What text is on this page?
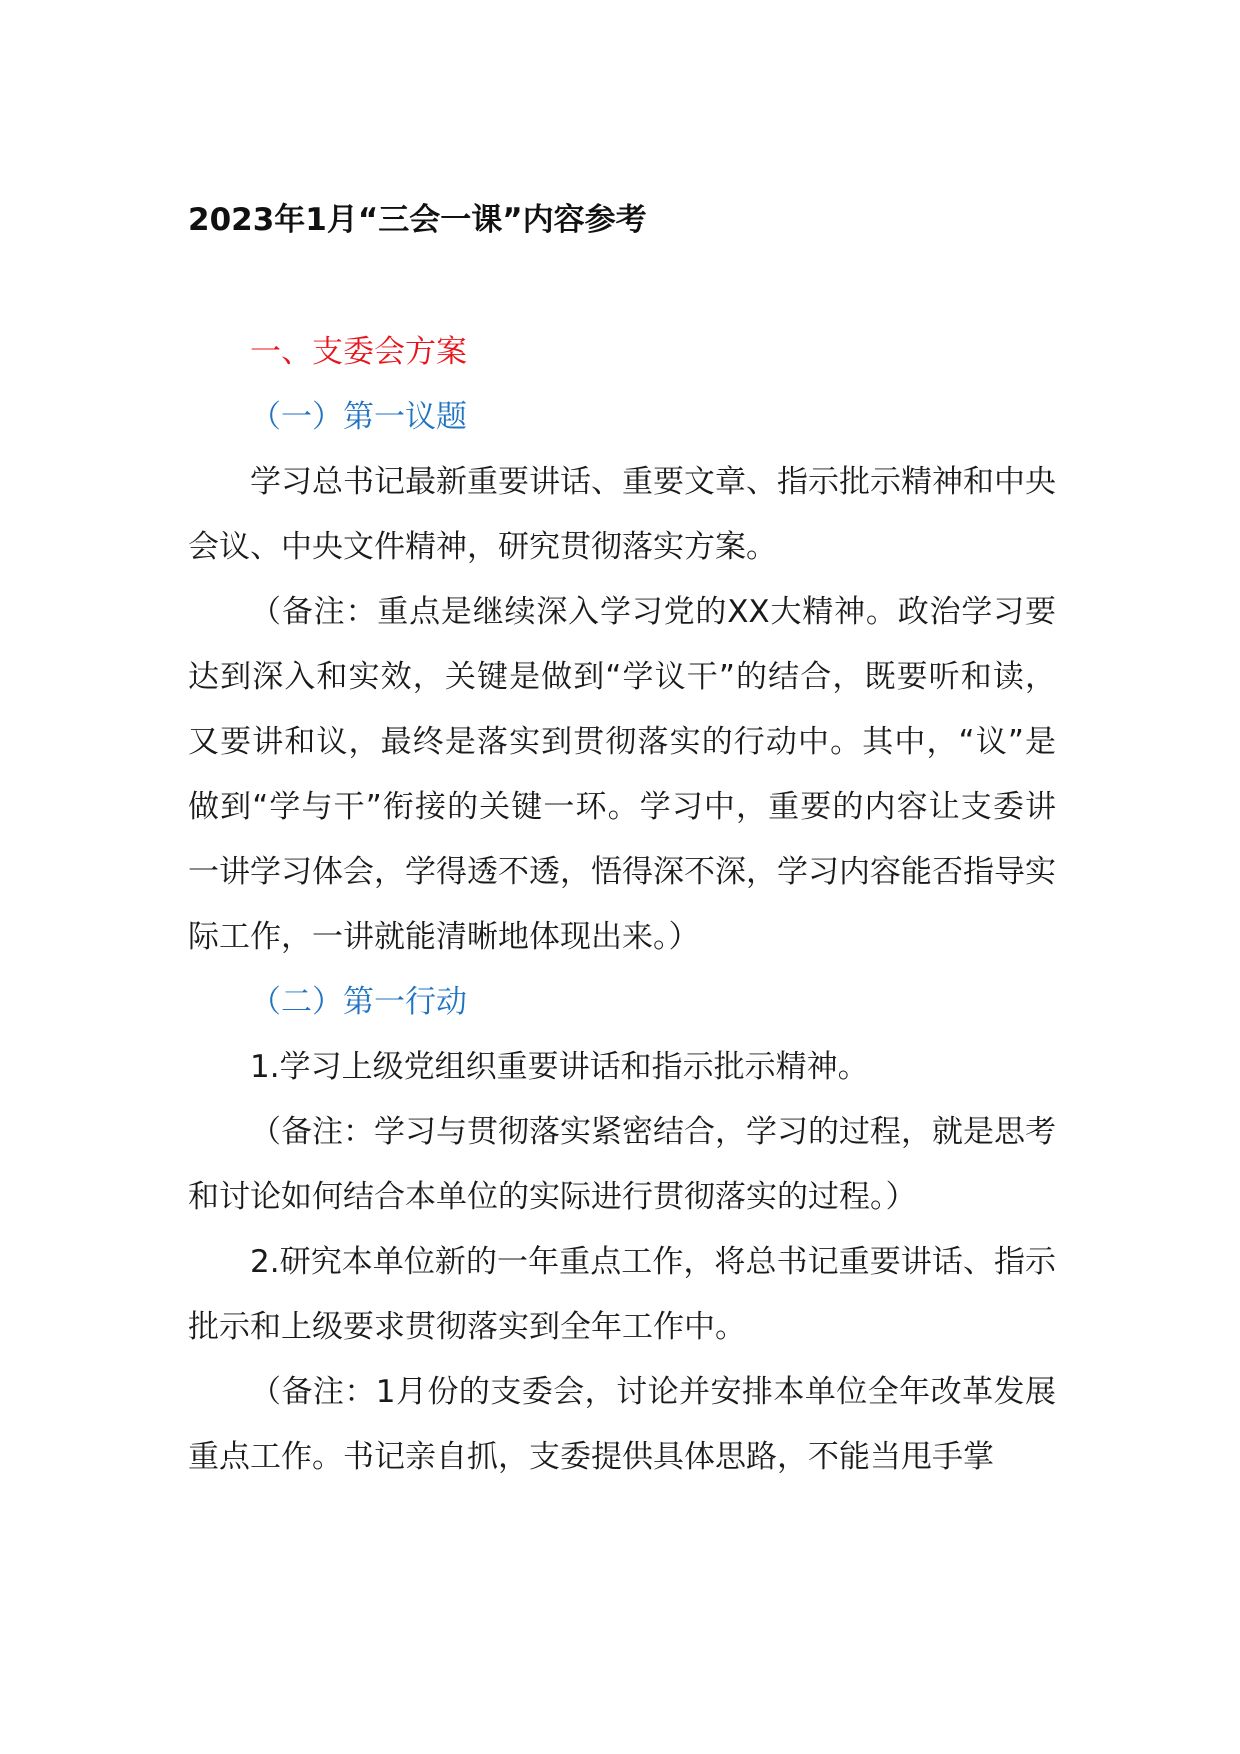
2023年1月“三会一课”内容参考

一、支委会方案

（一）第一议题

学习总书记最新重要讲话、重要文章、指示批示精神和中央会议、中央文件精神，研究贯彻落实方案。

（备注：重点是继续深入学习党的XX大精神。政治学习要达到深入和实效，关键是做到“学议干”的结合，既要听和读，又要讲和议，最终是落实到贯彻落实的行动中。其中，“议”是做到“学与干”衔接的关键一环。学习中，重要的内容让支委讲一讲学习体会，学得透不透，悟得深不深，学习内容能否指导实际工作，一讲就能清晰地体现出来。）

（二）第一行动

1.学习上级党组织重要讲话和指示批示精神。

（备注：学习与贯彻落实紧密结合，学习的过程，就是思考和讨论如何结合本单位的实际进行贯彻落实的过程。）

2.研究本单位新的一年重点工作，将总书记重要讲话、指示批示和上级要求贯彻落实到全年工作中。

（备注：1月份的支委会，讨论并安排本单位全年改革发展重点工作。书记亲自抓，支委提供具体思路，不能当甩手掌
